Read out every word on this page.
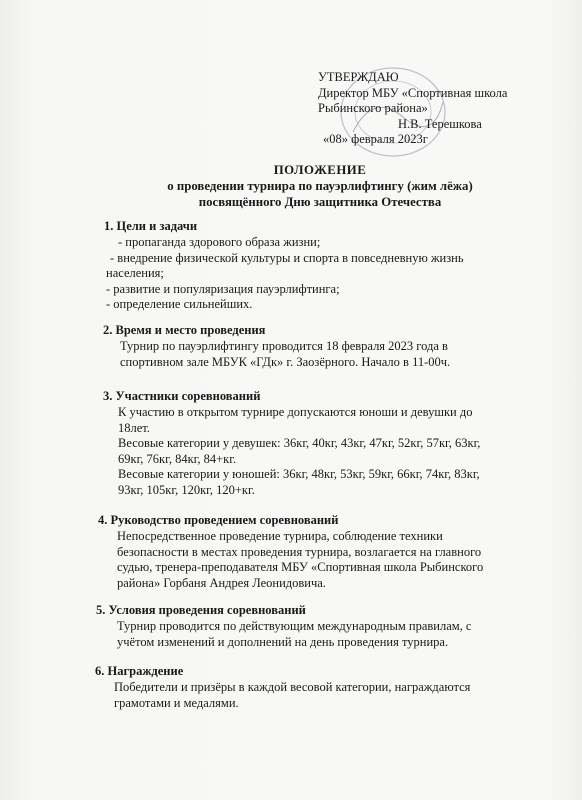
УТВЕРЖДАЮ
Директор МБУ «Спортивная школа
Рыбинского района»
Н.В. Терешкова
«08» февраля 2023г
ПОЛОЖЕНИЕ
о проведении турнира по пауэрлифтингу (жим лёжа)
посвящённого Дню защитника Отечества
1. Цели и задачи
- пропаганда здорового образа жизни;
- внедрение физической культуры и спорта в повседневную жизнь
населения;
- развитие и популяризация пауэрлифтинга;
- определение сильнейших.
2. Время и место проведения
Турнир по пауэрлифтингу проводится 18 февраля 2023 года в
спортивном зале МБУК «ГДк» г. Заозёрного. Начало в 11-00ч.
3. Участники соревнований
К участию в открытом турнире допускаются юноши и девушки до
18лет.
Весовые категории у девушек: 36кг, 40кг, 43кг, 47кг, 52кг, 57кг, 63кг,
69кг, 76кг, 84кг, 84+кг.
Весовые категории у юношей: 36кг, 48кг, 53кг, 59кг, 66кг, 74кг, 83кг,
93кг, 105кг, 120кг, 120+кг.
4. Руководство проведением соревнований
Непосредственное проведение турнира, соблюдение техники
безопасности в местах проведения турнира, возлагается на главного
судью, тренера-преподавателя МБУ «Спортивная школа Рыбинского
района» Горбаня Андрея Леонидовича.
5. Условия проведения соревнований
Турнир проводится по действующим международным правилам, с
учётом изменений и дополнений на день проведения турнира.
6. Награждение
Победители и призёры в каждой весовой категории, награждаются
грамотами и медалями.
